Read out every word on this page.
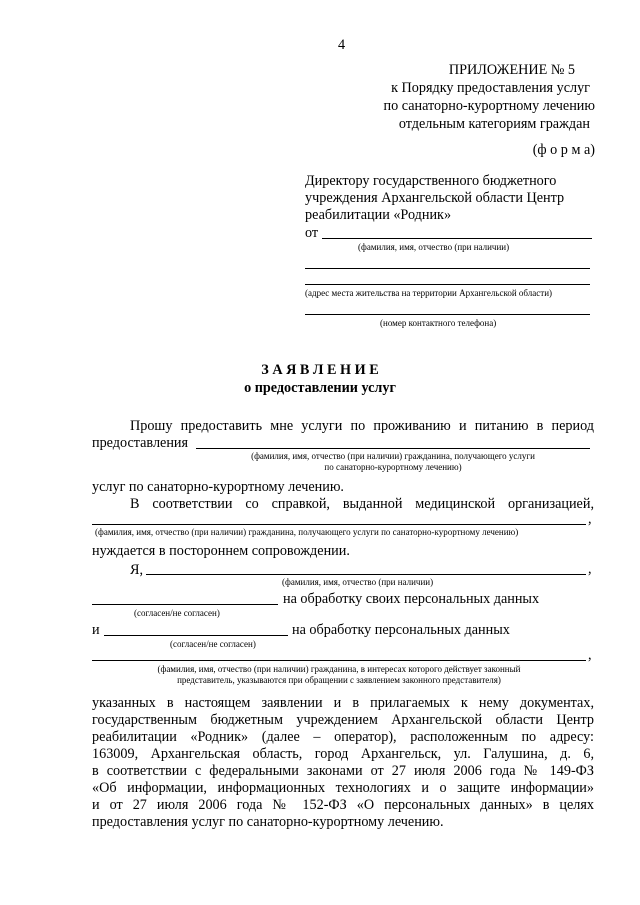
4
ПРИЛОЖЕНИЕ № 5
к Порядку предоставления услуг
по санаторно-курортному лечению
отдельным категориям граждан
(ф о р м а)
Директору государственного бюджетного
учреждения Архангельской области Центр
реабилитации «Родник»
от
(фамилия, имя, отчество (при наличии)
(адрес места жительства на территории Архангельской области)
(номер контактного телефона)
З А Я В Л Е Н И Е
о предоставлении услуг
Прошу предоставить мне услуги по проживанию и питанию в период
предоставления
(фамилия, имя, отчество (при наличии) гражданина, получающего услуги
по санаторно-курортному лечению)
услуг по санаторно-курортному лечению.
В соответствии со справкой, выданной медицинской организацией,
,
(фамилия, имя, отчество (при наличии) гражданина, получающего услуги по санаторно-курортному лечению)
нуждается в постороннем сопровождении.
Я,	,
(фамилия, имя, отчество (при наличии)
на обработку своих персональных данных
(согласен/не согласен)
и	на обработку персональных данных
(согласен/не согласен)
,
(фамилия, имя, отчество (при наличии) гражданина, в интересах которого действует законный
представитель, указываются при обращении с заявлением законного представителя)
указанных в настоящем заявлении и в прилагаемых к нему документах,
государственным бюджетным учреждением Архангельской области Центр
реабилитации «Родник» (далее – оператор), расположенным по адресу:
163009, Архангельская область, город Архангельск, ул. Галушина, д. 6,
в соответствии с федеральными законами от 27 июля 2006 года № 149-ФЗ
«Об информации, информационных технологиях и о защите информации»
и от 27 июля 2006 года № 152-ФЗ «О персональных данных» в целях
предоставления услуг по санаторно-курортному лечению.
